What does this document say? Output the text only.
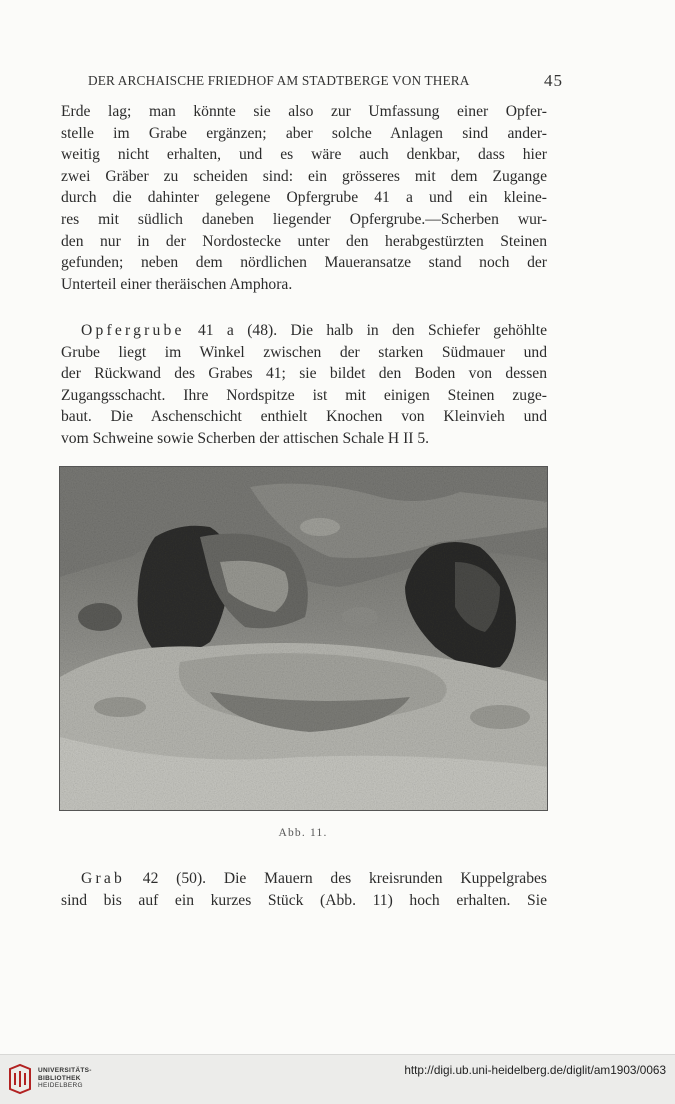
DER ARCHAISCHE FRIEDHOF AM STADTBERGE VON THERA	45
Erde lag; man könnte sie also zur Umfassung einer Opfer-
stelle im Grabe ergänzen; aber solche Anlagen sind ander-
weitig nicht erhalten, und es wäre auch denkbar, dass hier
zwei Gräber zu scheiden sind: ein grösseres mit dem Zugange
durch die dahinter gelegene Opfergrube 41 a und ein kleine-
res mit südlich daneben liegender Opfergrube.—Scherben wur-
den nur in der Nordostecke unter den herabgestürzten Steinen
gefunden; neben dem nördlichen Maueransatze stand noch der
Unterteil einer theräischen Amphora.
Opfergrube 41 a (48). Die halb in den Schiefer gehöhlte
Grube liegt im Winkel zwischen der starken Südmauer und
der Rückwand des Grabes 41; sie bildet den Boden von dessen
Zugangsschacht. Ihre Nordspitze ist mit einigen Steinen zuge-
baut. Die Aschenschicht enthielt Knochen von Kleinvieh und
vom Schweine sowie Scherben der attischen Schale H II 5.
Abb. 11.
Grab 42 (50). Die Mauern des kreisrunden Kuppelgrabes
sind bis auf ein kurzes Stück (Abb. 11) hoch erhalten. Sie
UNIVERSITÄTS-
BIBLIOTHEK
HEIDELBERG
http://digi.ub.uni-heidelberg.de/diglit/am1903/0063
